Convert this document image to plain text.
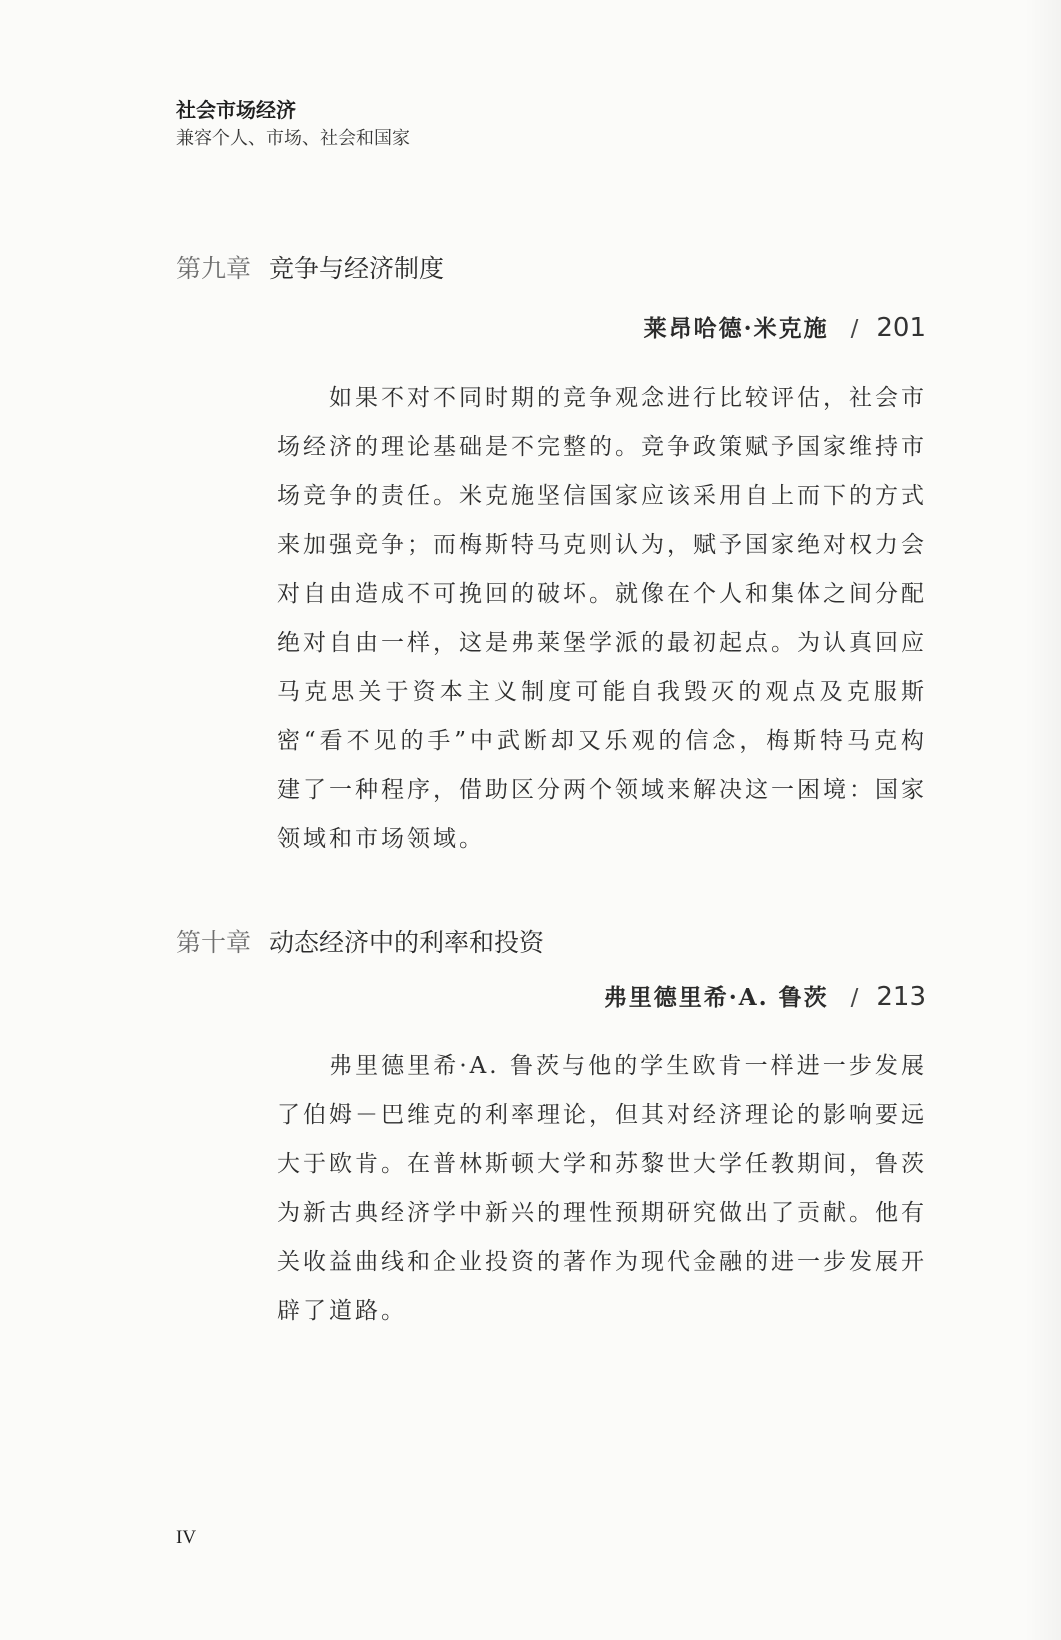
社会市场经济
兼容个人、市场、社会和国家
第九章 竞争与经济制度
莱昂哈德·米克施 / 201

如果不对不同时期的竞争观念进行比较评估，社会市场经济的理论基础是不完整的。竞争政策赋予国家维持市场竞争的责任。米克施坚信国家应该采用自上而下的方式来加强竞争；而梅斯特马克则认为，赋予国家绝对权力会对自由造成不可挽回的破坏。就像在个人和集体之间分配绝对自由一样，这是弗莱堡学派的最初起点。为认真回应马克思关于资本主义制度可能自我毁灭的观点及克服斯密“看不见的手”中武断却又乐观的信念，梅斯特马克构建了一种程序，借助区分两个领域来解决这一困境：国家领域和市场领域。

第十章 动态经济中的利率和投资
弗里德里希·A. 鲁茨 / 213

弗里德里希·A. 鲁茨与他的学生欧肯一样进一步发展了伯姆－巴维克的利率理论，但其对经济理论的影响要远大于欧肯。在普林斯顿大学和苏黎世大学任教期间，鲁茨为新古典经济学中新兴的理性预期研究做出了贡献。他有关收益曲线和企业投资的著作为现代金融的进一步发展开辟了道路。

IV
